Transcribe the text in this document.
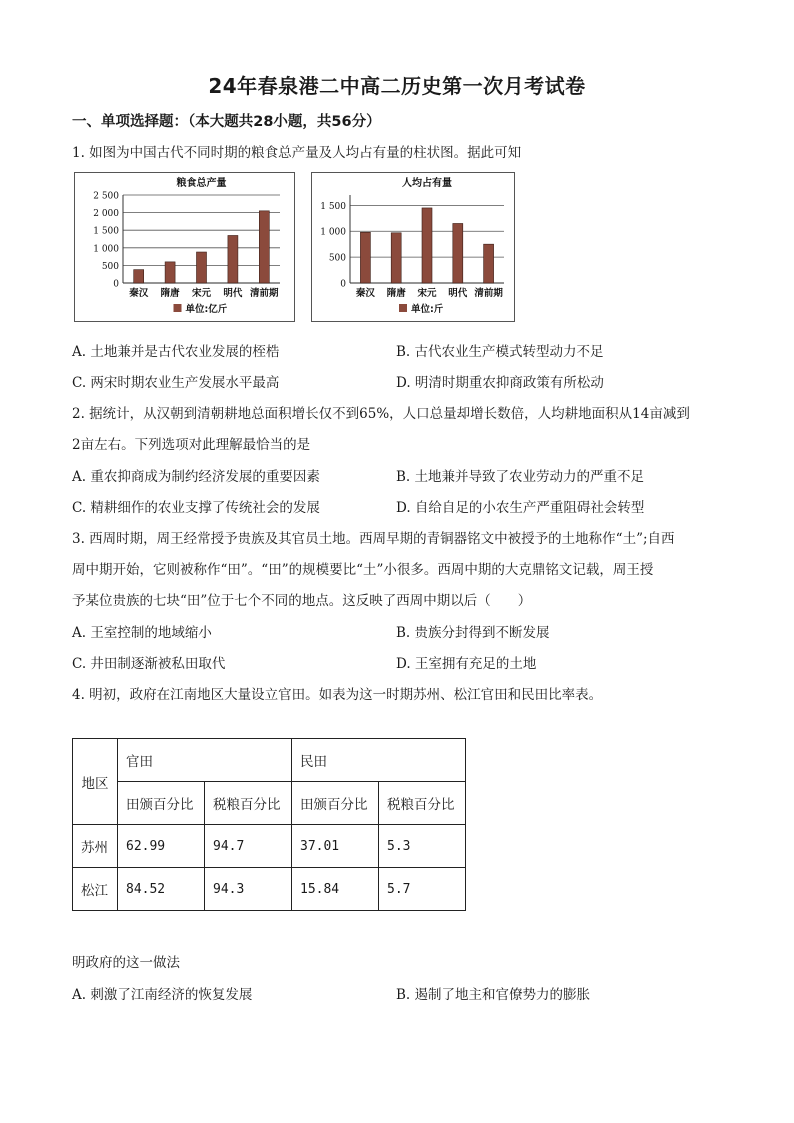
24年春泉港二中高二历史第一次月考试卷
一、单项选择题：（本大题共28小题，共56分）
1. 如图为中国古代不同时期的粮食总产量及人均占有量的柱状图。据此可知
粮食总产量
2 500
2 000
1 500
1 000
500
0
秦汉 隋唐 宋元 明代 清前期
单位:亿斤
人均占有量
1 500
1 000
500
0
秦汉 隋唐 宋元 明代 清前期
单位:斤
A. 土地兼并是古代农业发展的桎梏	B. 古代农业生产模式转型动力不足
C. 两宋时期农业生产发展水平最高	D. 明清时期重农抑商政策有所松动
2. 据统计，从汉朝到清朝耕地总面积增长仅不到65%，人口总量却增长数倍，人均耕地面积从14亩减到
2亩左右。下列选项对此理解最恰当的是
A. 重农抑商成为制约经济发展的重要因素	B. 土地兼并导致了农业劳动力的严重不足
C. 精耕细作的农业支撑了传统社会的发展	D. 自给自足的小农生产严重阻碍社会转型
3. 西周时期，周王经常授予贵族及其官员土地。西周早期的青铜器铭文中被授予的土地称作“土”;自西
周中期开始，它则被称作“田”。“田”的规模要比“土”小很多。西周中期的大克鼎铭文记载，周王授
予某位贵族的七块“田”位于七个不同的地点。这反映了西周中期以后（　　）
A. 王室控制的地域缩小	B. 贵族分封得到不断发展
C. 井田制逐渐被私田取代	D. 王室拥有充足的土地
4. 明初，政府在江南地区大量设立官田。如表为这一时期苏州、松江官田和民田比率表。
地区	官田		民田	
	田颁百分比	税粮百分比	田颁百分比	税粮百分比
苏州	62.99	94.7	37.01	5.3
松江	84.52	94.3	15.84	5.7
明政府的这一做法
A. 刺激了江南经济的恢复发展	B. 遏制了地主和官僚势力的膨胀
